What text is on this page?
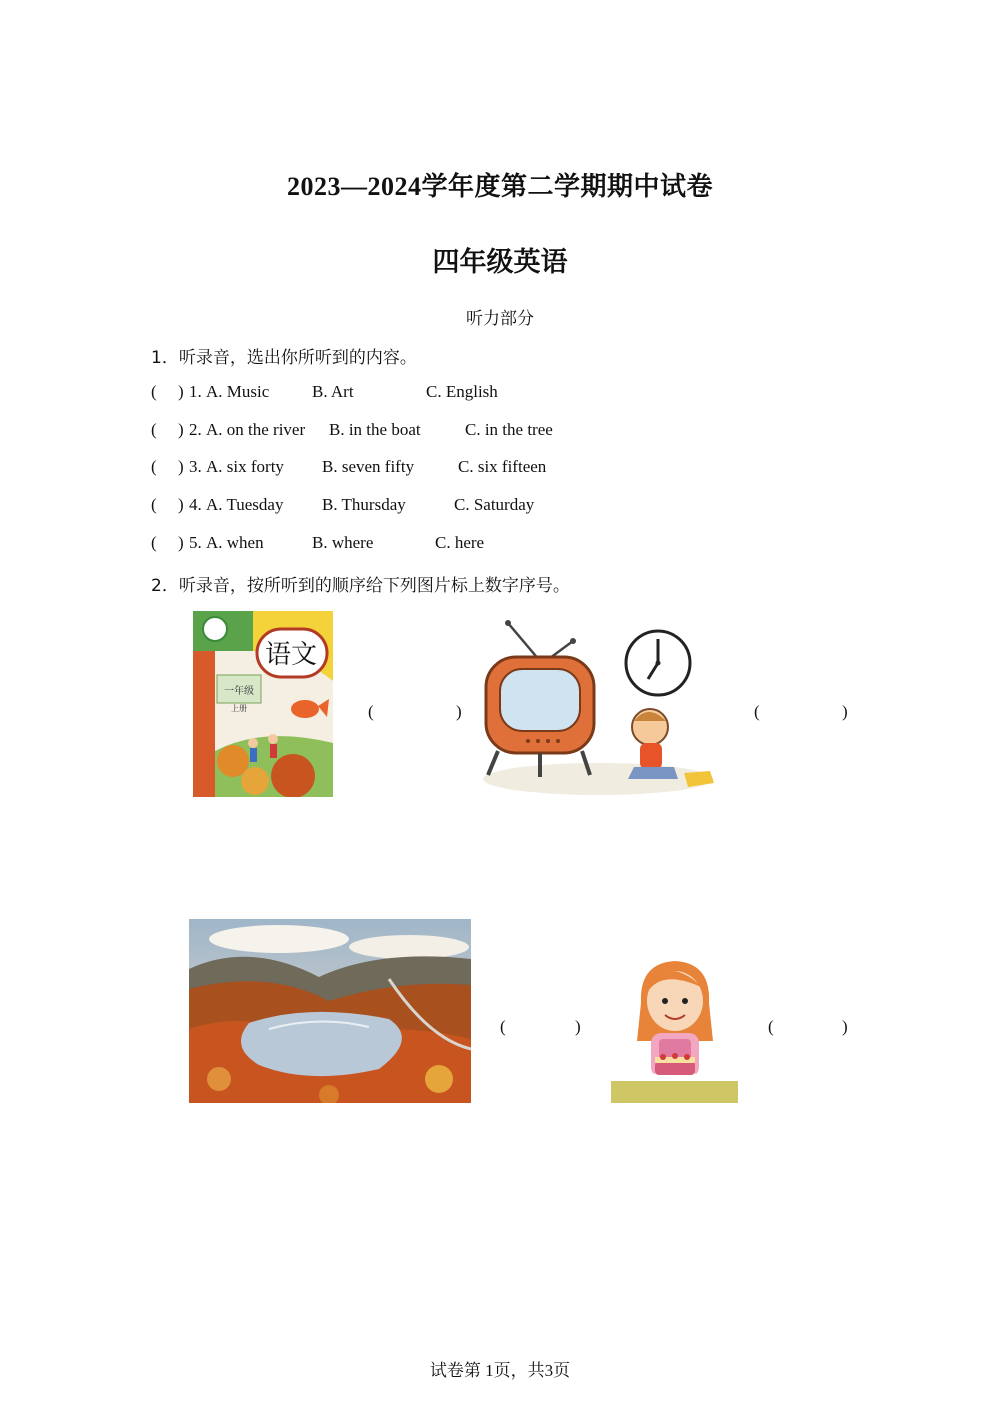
2023—2024学年度第二学期期中试卷
四年级英语
听力部分
1．听录音，选出你所听到的内容。
( ) 1. A. Music	B. Art	C. English
( ) 2. A. on the river B. in the boat	C. in the tree
( ) 3. A. six forty B. seven fifty	C. six fifteen
( ) 4. A. Tuesday B. Thursday	C. Saturday
( ) 5. A. when	B. where	C. here
2．听录音，按所听到的顺序给下列图片标上数字序号。
语文
一年级
上册	(	)	(	)
(	)	(	)
试卷第 1页，共3页
